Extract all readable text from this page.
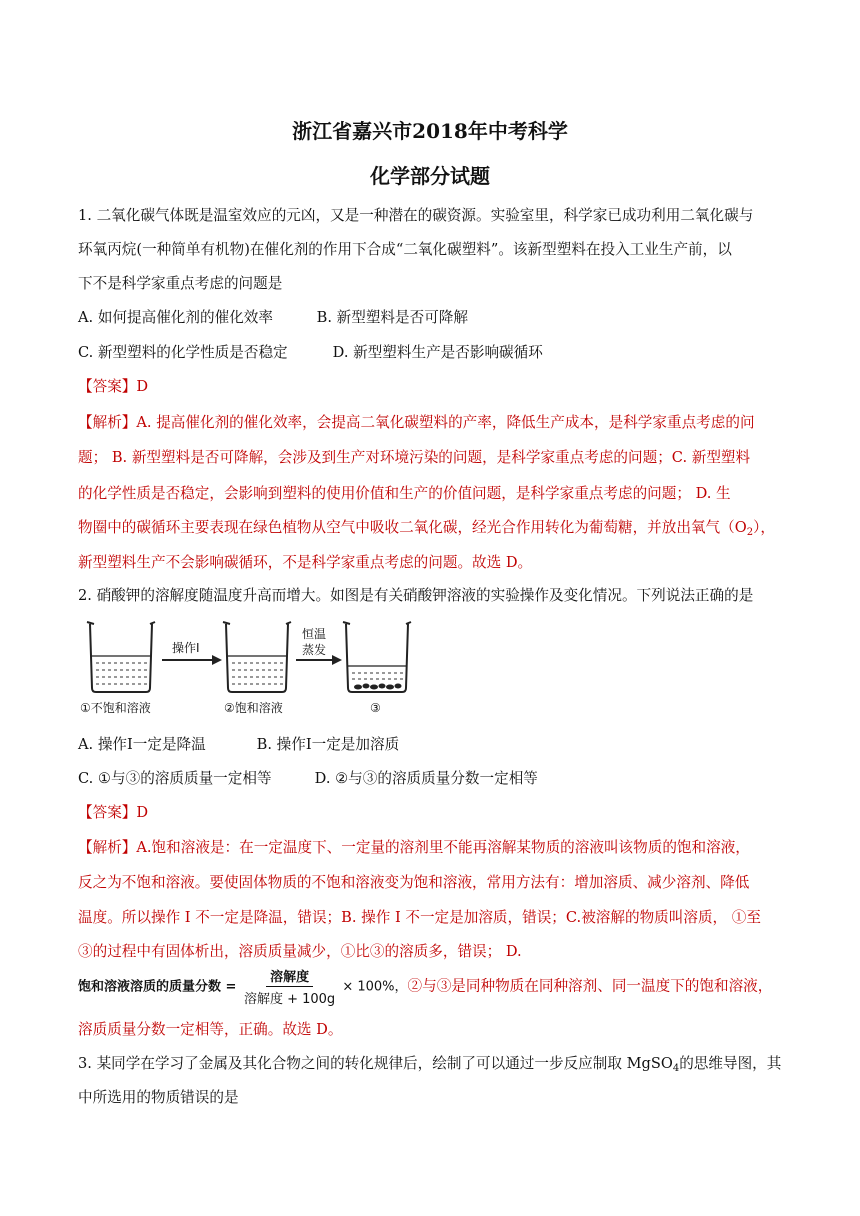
浙江省嘉兴市2018年中考科学
化学部分试题
1. 二氧化碳气体既是温室效应的元凶，又是一种潜在的碳资源。实验室里，科学家已成功利用二氧化碳与
环氧丙烷(一种简单有机物)在催化剂的作用下合成“二氧化碳塑料”。该新型塑料在投入工业生产前，以
下不是科学家重点考虑的问题是
A. 如何提高催化剂的催化效率	B. 新型塑料是否可降解
C. 新型塑料的化学性质是否稳定	D. 新型塑料生产是否影响碳循环
【答案】D
【解析】A. 提高催化剂的催化效率，会提高二氧化碳塑料的产率，降低生产成本，是科学家重点考虑的问
题； B. 新型塑料是否可降解，会涉及到生产对环境污染的问题，是科学家重点考虑的问题；C. 新型塑料
的化学性质是否稳定，会影响到塑料的使用价值和生产的价值问题，是科学家重点考虑的问题； D. 生
物圈中的碳循环主要表现在绿色植物从空气中吸收二氧化碳，经光合作用转化为葡萄糖，并放出氧气$(O_2)$，
新型塑料生产不会影响碳循环，不是科学家重点考虑的问题。故选 D。
2. 硝酸钾的溶解度随温度升高而增大。如图是有关硝酸钾溶液的实验操作及变化情况。下列说法正确的是
操作Ⅰ
恒温
蒸发
①不饱和溶液	②饱和溶液	③
A. 操作Ⅰ一定是降温	B. 操作Ⅰ一定是加溶质
C. ①与③的溶质质量一定相等	D. ②与③的溶质质量分数一定相等
【答案】D
【解析】A.饱和溶液是：在一定温度下、一定量的溶剂里不能再溶解某物质的溶液叫该物质的饱和溶液，
反之为不饱和溶液。要使固体物质的不饱和溶液变为饱和溶液，常用方法有：增加溶质、减少溶剂、降低
温度。所以操作 I 不一定是降温，错误；B. 操作 I 不一定是加溶质，错误；C.被溶解的物质叫溶质， ①至
③的过程中有固体析出，溶质质量减少，①比③的溶质多，错误； D.
饱和溶液溶质的质量分数 = $\frac{\text{溶解度}}{\text{溶解度 + 100g}} \times 100\%$，②与③是同种物质在同种溶剂、同一温度下的饱和溶液，
溶质质量分数一定相等，正确。故选 D。
3. 某同学在学习了金属及其化合物之间的转化规律后，绘制了可以通过一步反应制取 MgSO$_4$的思维导图，其
中所选用的物质错误的是
